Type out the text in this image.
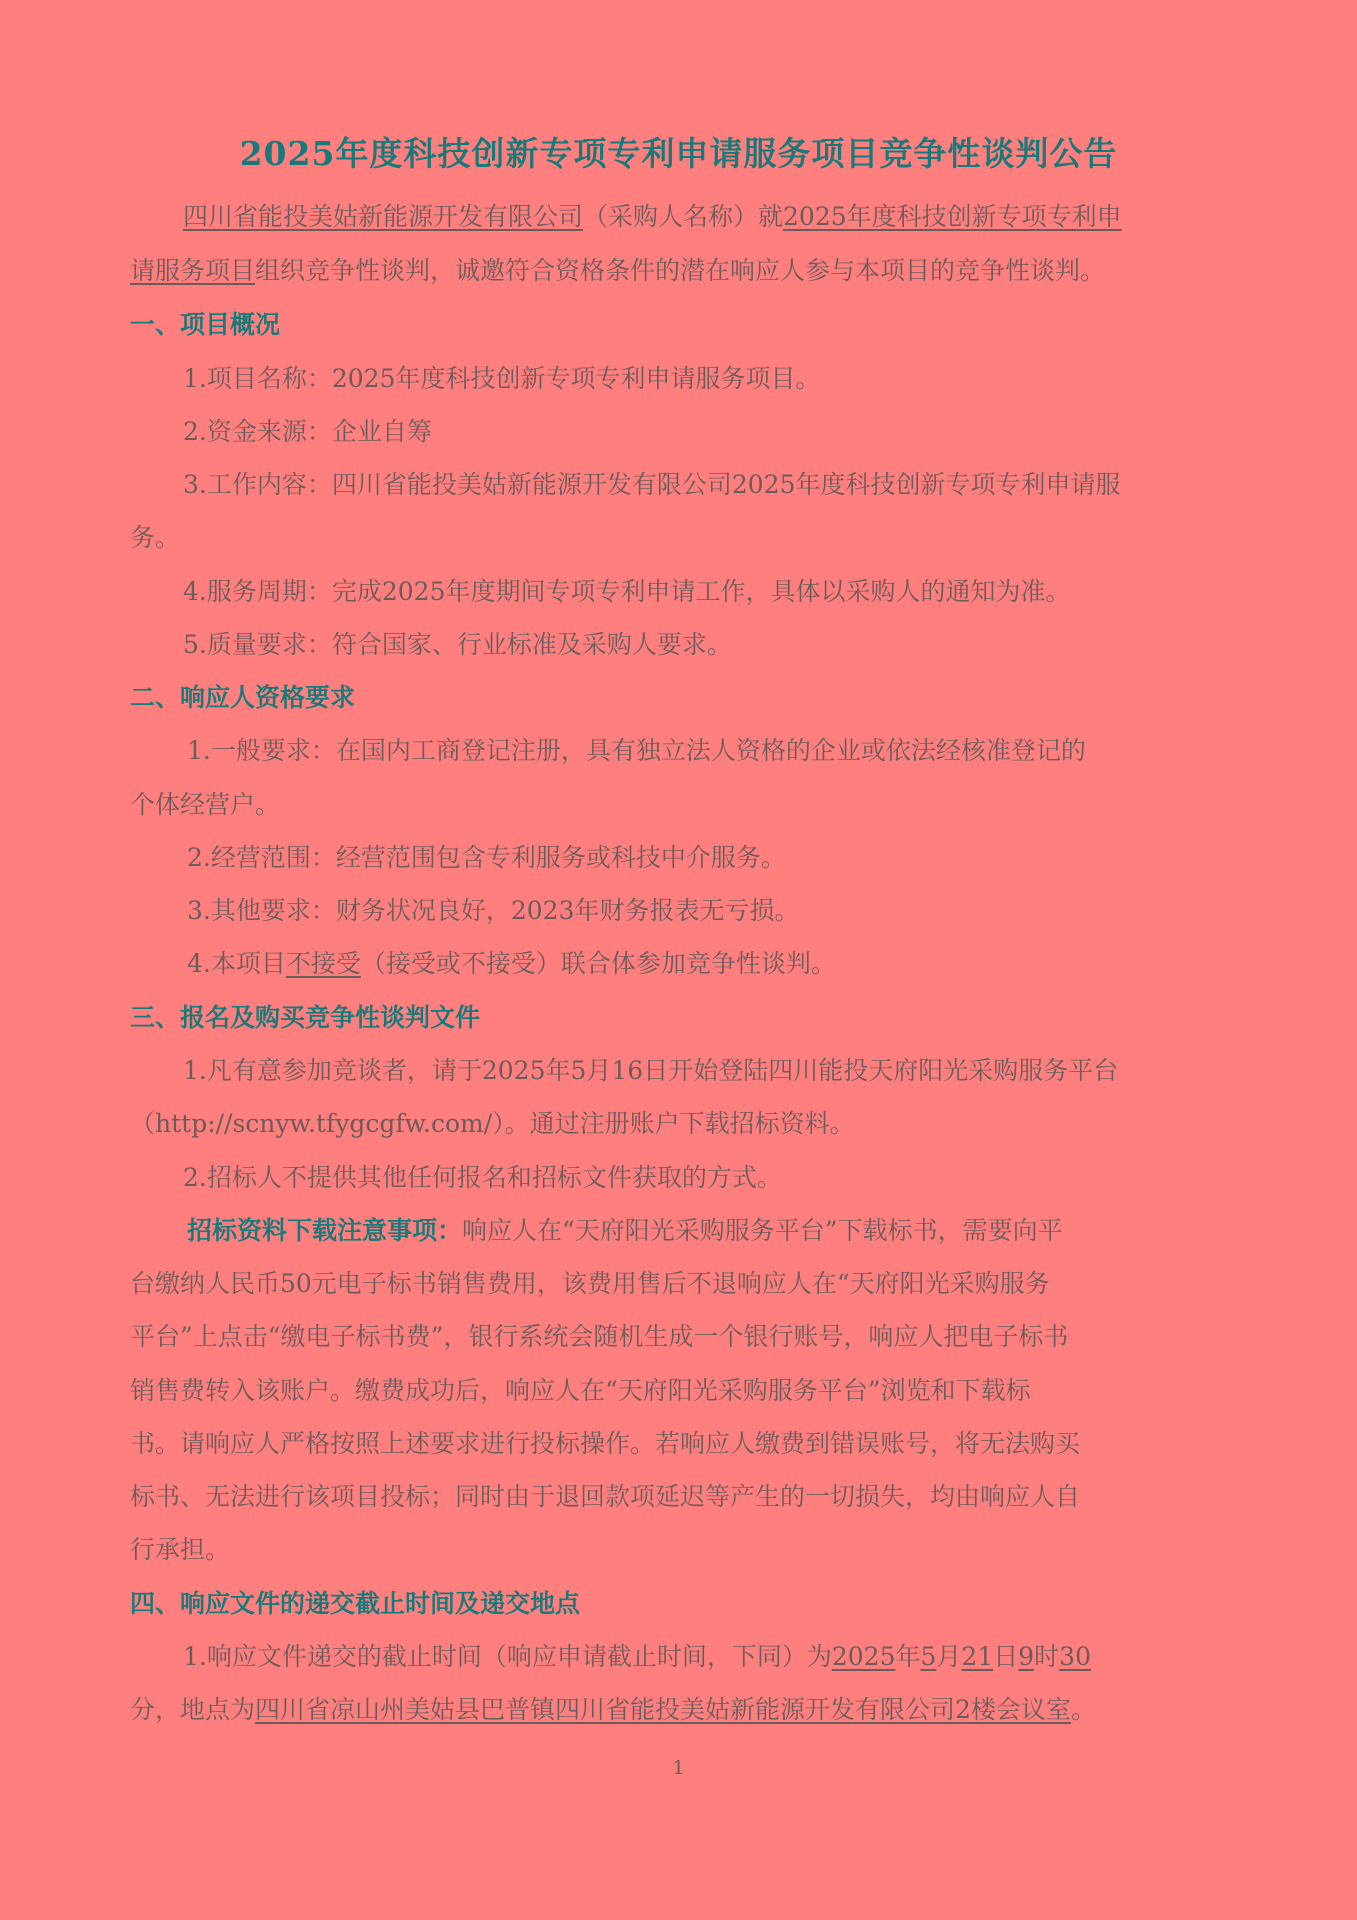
2025年度科技创新专项专利申请服务项目竞争性谈判公告
四川省能投美姑新能源开发有限公司（采购人名称）就2025年度科技创新专项专利申
请服务项目组织竞争性谈判，诚邀符合资格条件的潜在响应人参与本项目的竞争性谈判。
一、项目概况
1.项目名称：2025年度科技创新专项专利申请服务项目。
2.资金来源：企业自筹
3.工作内容：四川省能投美姑新能源开发有限公司2025年度科技创新专项专利申请服
务。
4.服务周期：完成2025年度期间专项专利申请工作，具体以采购人的通知为准。
5.质量要求：符合国家、行业标准及采购人要求。
二、响应人资格要求
1.一般要求：在国内工商登记注册，具有独立法人资格的企业或依法经核准登记的
个体经营户。
2.经营范围：经营范围包含专利服务或科技中介服务。
3.其他要求：财务状况良好，2023年财务报表无亏损。
4.本项目不接受（接受或不接受）联合体参加竞争性谈判。
三、报名及购买竞争性谈判文件
1.凡有意参加竞谈者，请于2025年5月16日开始登陆四川能投天府阳光采购服务平台
（http://scnyw.tfygcgfw.com/）。通过注册账户下载招标资料。
2.招标人不提供其他任何报名和招标文件获取的方式。
招标资料下载注意事项：响应人在“天府阳光采购服务平台”下载标书，需要向平
台缴纳人民币50元电子标书销售费用，该费用售后不退响应人在“天府阳光采购服务
平台”上点击“缴电子标书费”，银行系统会随机生成一个银行账号，响应人把电子标书
销售费转入该账户。缴费成功后，响应人在“天府阳光采购服务平台”浏览和下载标
书。请响应人严格按照上述要求进行投标操作。若响应人缴费到错误账号，将无法购买
标书、无法进行该项目投标；同时由于退回款项延迟等产生的一切损失，均由响应人自
行承担。
四、响应文件的递交截止时间及递交地点
1.响应文件递交的截止时间（响应申请截止时间，下同）为2025年5月21日9时30
分，地点为四川省凉山州美姑县巴普镇四川省能投美姑新能源开发有限公司2楼会议室。
1
